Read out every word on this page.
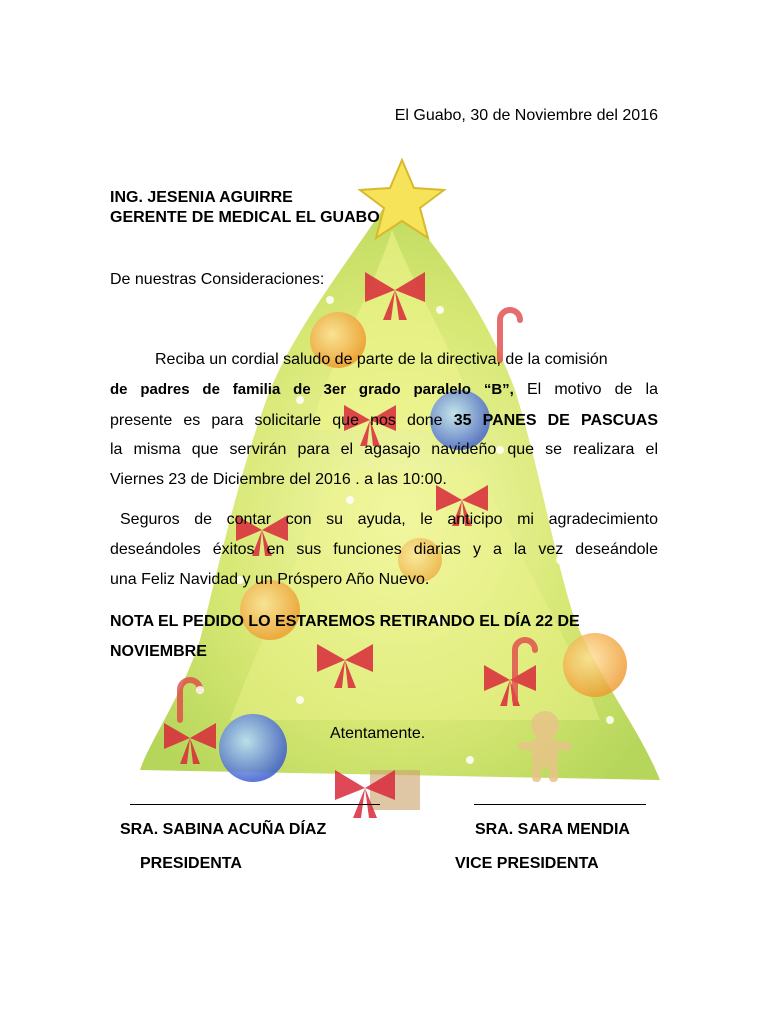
El Guabo, 30 de Noviembre del 2016
ING. JESENIA AGUIRRE
GERENTE DE MEDICAL EL GUABO
De nuestras Consideraciones:
Reciba un cordial saludo de parte de la directiva, de la comisión
de padres de familia de 3er grado paralelo “B”, El motivo de la
presente es para solicitarle que nos done 35 PANES DE PASCUAS
la misma que servirán para el agasajo navideño que se realizara el
Viernes 23 de Diciembre del 2016 . a las 10:00.
Seguros de contar con su ayuda, le anticipo mi agradecimiento
deseándoles éxitos en sus funciones diarias y a la vez deseándole
una Feliz Navidad y un Próspero Año Nuevo.
NOTA EL PEDIDO LO ESTAREMOS RETIRANDO EL DÍA 22 DE
NOVIEMBRE
Atentamente.
SRA. SABINA ACUÑA DÍAZ	SRA. SARA MENDIA
PRESIDENTA	VICE PRESIDENTA
